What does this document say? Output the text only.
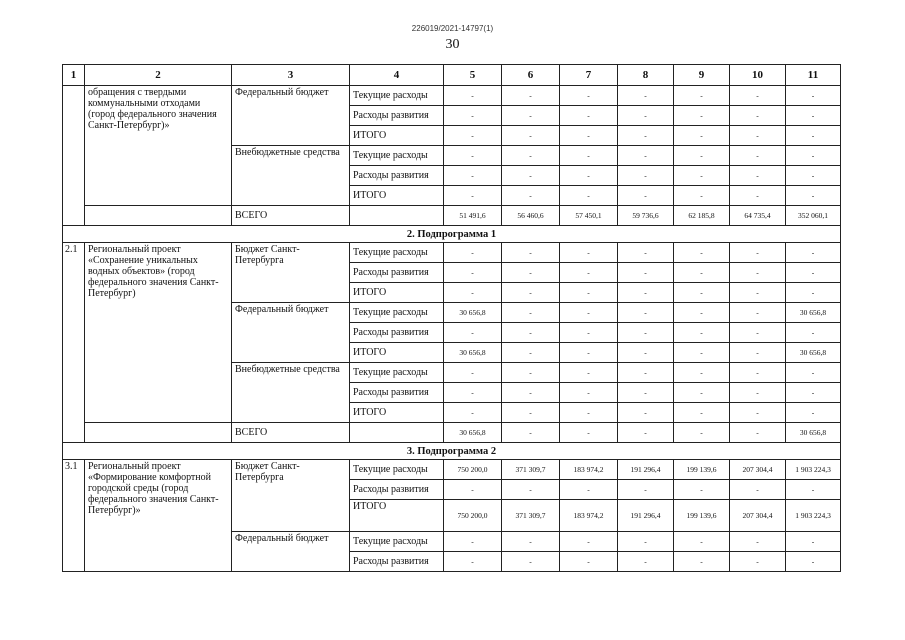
226019/2021-14797(1)
30
1	2	3	4	5	6	7	8	9	10	11
	обращения с твердыми коммунальными отходами (город федерального значения Санкт-Петербург)»	Федеральный бюджет	Текущие расходы	-	-	-	-	-	-	-
			Расходы развития	-	-	-	-	-	-	-
			ИТОГО	-	-	-	-	-	-	-
		Внебюджетные средства	Текущие расходы	-	-	-	-	-	-	-
			Расходы развития	-	-	-	-	-	-	-
			ИТОГО	-	-	-	-	-	-	-
		ВСЕГО		51 491,6	56 460,6	57 450,1	59 736,6	62 185,8	64 735,4	352 060,1
2. Подпрограмма 1										
2.1	Региональный проект «Сохранение уникальных водных объектов» (город федерального значения Санкт-Петербург)	Бюджет Санкт-Петербурга	Текущие расходы	-	-	-	-	-	-	-
			Расходы развития	-	-	-	-	-	-	-
			ИТОГО	-	-	-	-	-	-	-
		Федеральный бюджет	Текущие расходы	30 656,8	-	-	-	-	-	30 656,8
			Расходы развития	-	-	-	-	-	-	-
			ИТОГО	30 656,8	-	-	-	-	-	30 656,8
		Внебюджетные средства	Текущие расходы	-	-	-	-	-	-	-
			Расходы развития	-	-	-	-	-	-	-
			ИТОГО	-	-	-	-	-	-	-
		ВСЕГО		30 656,8	-	-	-	-	-	30 656,8
3. Подпрограмма 2										
3.1	Региональный проект «Формирование комфортной городской среды (город федерального значения Санкт-Петербург)»	Бюджет Санкт-Петербурга	Текущие расходы	750 200,0	371 309,7	183 974,2	191 296,4	199 139,6	207 304,4	1 903 224,3
			Расходы развития	-	-	-	-	-	-	-
			ИТОГО	750 200,0	371 309,7	183 974,2	191 296,4	199 139,6	207 304,4	1 903 224,3
		Федеральный бюджет	Текущие расходы	-	-	-	-	-	-	-
			Расходы развития	-	-	-	-	-	-	-
